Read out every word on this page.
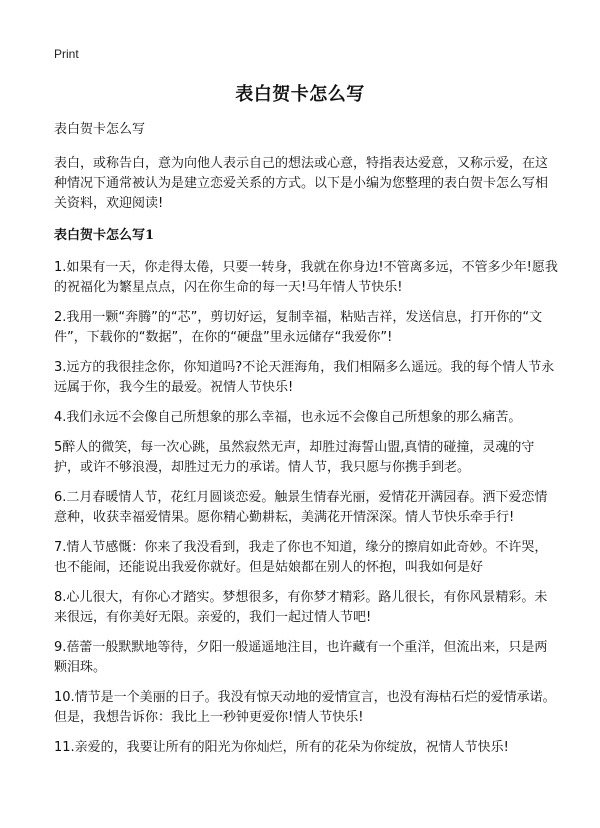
Print
表白贺卡怎么写

表白贺卡怎么写

表白，或称告白，意为向他人表示自己的想法或心意，特指表达爱意，又称示爱，在这种情况下通常被认为是建立恋爱关系的方式。以下是小编为您整理的表白贺卡怎么写相关资料，欢迎阅读!

表白贺卡怎么写1

1.如果有一天，你走得太倦，只要一转身，我就在你身边!不管离多远，不管多少年!愿我的祝福化为繁星点点，闪在你生命的每一天!马年情人节快乐!

2.我用一颗“奔腾”的“芯”，剪切好运，复制幸福，粘贴吉祥，发送信息，打开你的“文件”，下载你的“数据”，在你的“硬盘”里永远储存“我爱你”!

3.远方的我很挂念你，你知道吗?不论天涯海角，我们相隔多么遥远。我的每个情人节永远属于你，我今生的最爱。祝情人节快乐!

4.我们永远不会像自己所想象的那么幸福，也永远不会像自己所想象的那么痛苦。

5醉人的微笑，每一次心跳，虽然寂然无声，却胜过海誓山盟,真情的碰撞，灵魂的守护，或许不够浪漫，却胜过无力的承诺。情人节，我只愿与你携手到老。

6.二月春暖情人节，花红月圆谈恋爱。触景生情春光丽，爱情花开满园春。洒下爱恋情意种，收获幸福爱情果。愿你精心勤耕耘，美满花开情深深。情人节快乐牵手行!

7.情人节感慨：你来了我没看到，我走了你也不知道，缘分的擦肩如此奇妙。不许哭，也不能闹，还能说出我爱你就好。但是姑娘都在别人的怀抱，叫我如何是好

8.心儿很大，有你心才踏实。梦想很多，有你梦才精彩。路儿很长，有你风景精彩。未来很远，有你美好无限。亲爱的，我们一起过情人节吧!

9.蓓蕾一般默默地等待，夕阳一般遥遥地注目，也许藏有一个重洋，但流出来，只是两颗泪珠。

10.情节是一个美丽的日子。我没有惊天动地的爱情宣言，也没有海枯石烂的爱情承诺。但是，我想告诉你：我比上一秒钟更爱你!情人节快乐!

11.亲爱的，我要让所有的阳光为你灿烂，所有的花朵为你绽放，祝情人节快乐!
